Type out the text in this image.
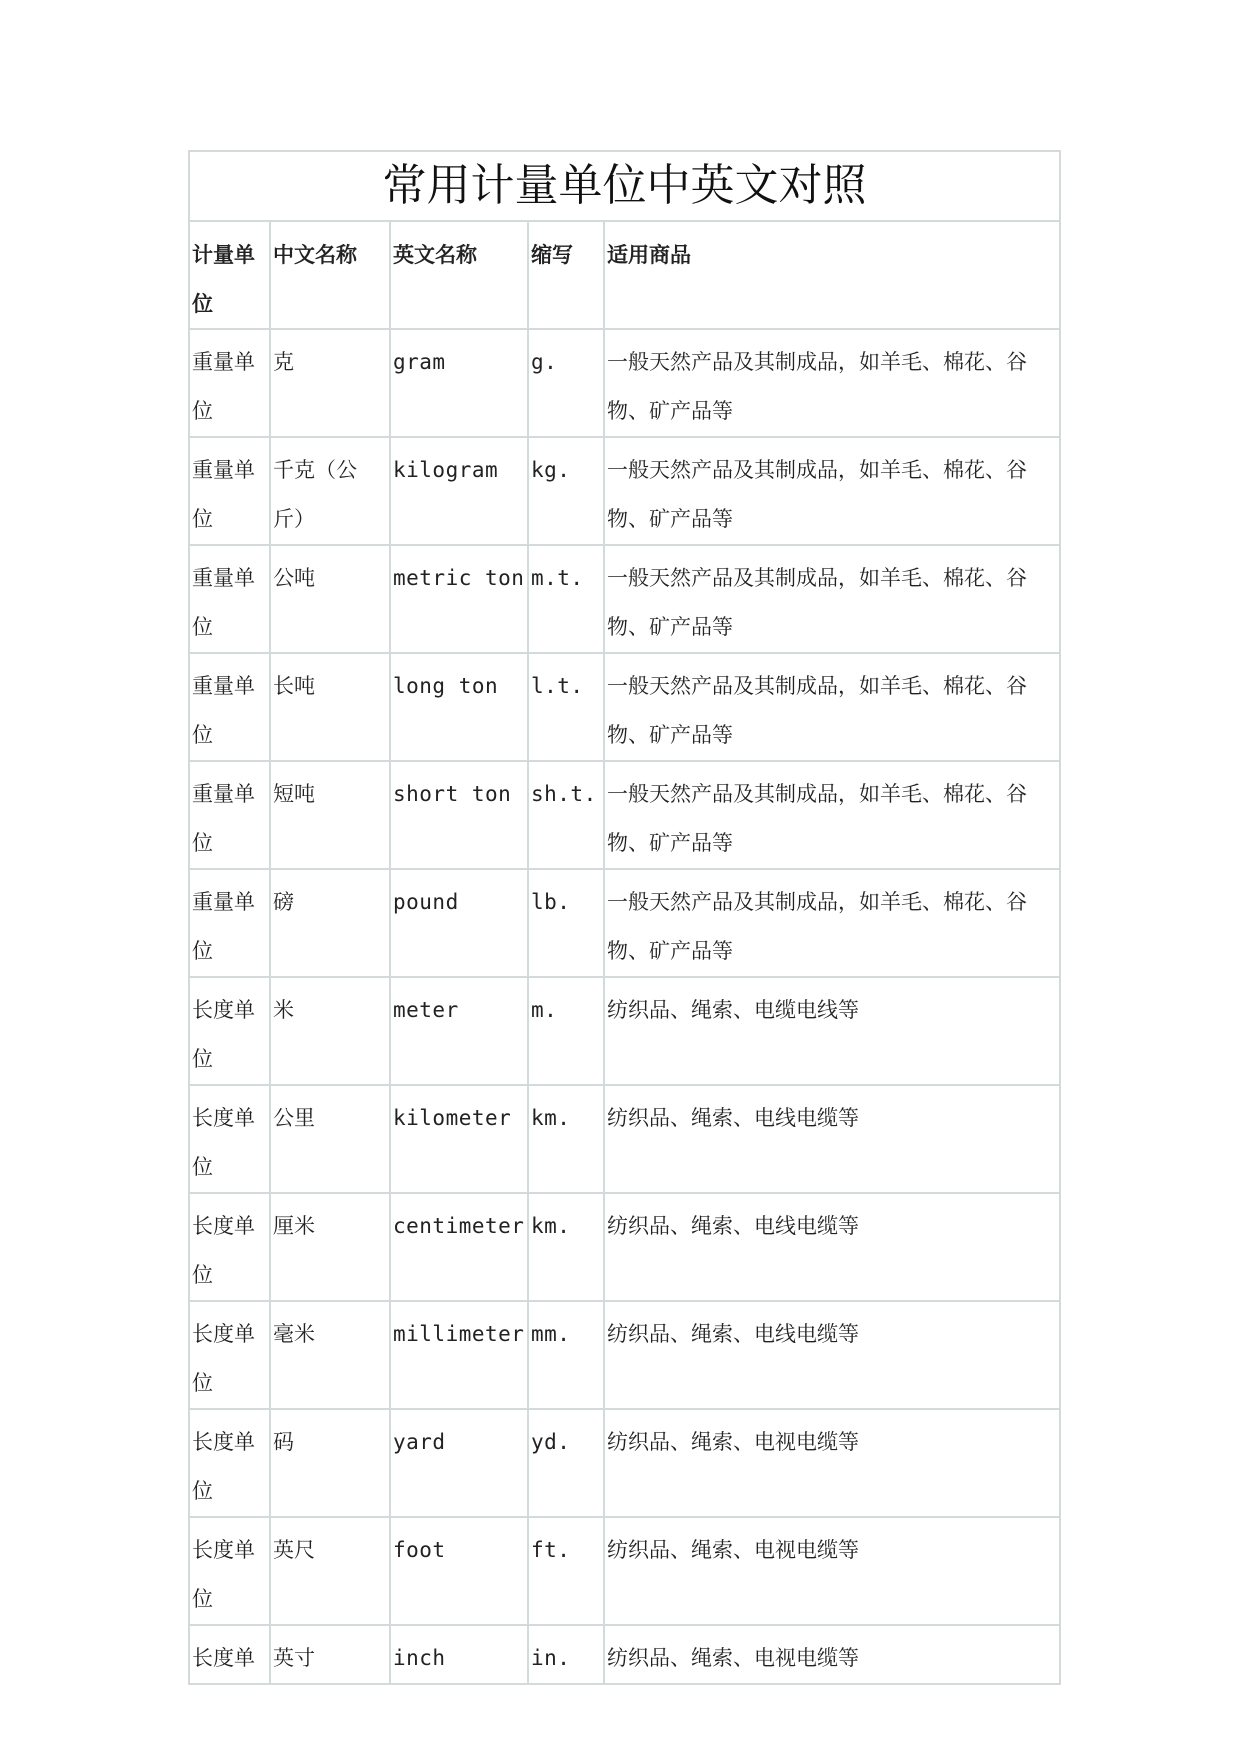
常用计量单位中英文对照				
计量单位	中文名称	英文名称	缩写	适用商品
重量单位	克	gram	g.	一般天然产品及其制成品，如羊毛、棉花、谷物、矿产品等
重量单位	千克（公斤）	kilogram	kg.	一般天然产品及其制成品，如羊毛、棉花、谷物、矿产品等
重量单位	公吨	metric ton	m.t.	一般天然产品及其制成品，如羊毛、棉花、谷物、矿产品等
重量单位	长吨	long ton	l.t.	一般天然产品及其制成品，如羊毛、棉花、谷物、矿产品等
重量单位	短吨	short ton	sh.t.	一般天然产品及其制成品，如羊毛、棉花、谷物、矿产品等
重量单位	磅	pound	lb.	一般天然产品及其制成品，如羊毛、棉花、谷物、矿产品等
长度单位	米	meter	m.	纺织品、绳索、电缆电线等
长度单位	公里	kilometer	km.	纺织品、绳索、电线电缆等
长度单位	厘米	centimeter	km.	纺织品、绳索、电线电缆等
长度单位	毫米	millimeter	mm.	纺织品、绳索、电线电缆等
长度单位	码	yard	yd.	纺织品、绳索、电视电缆等
长度单位	英尺	foot	ft.	纺织品、绳索、电视电缆等
长度单	英寸	inch	in.	纺织品、绳索、电视电缆等
